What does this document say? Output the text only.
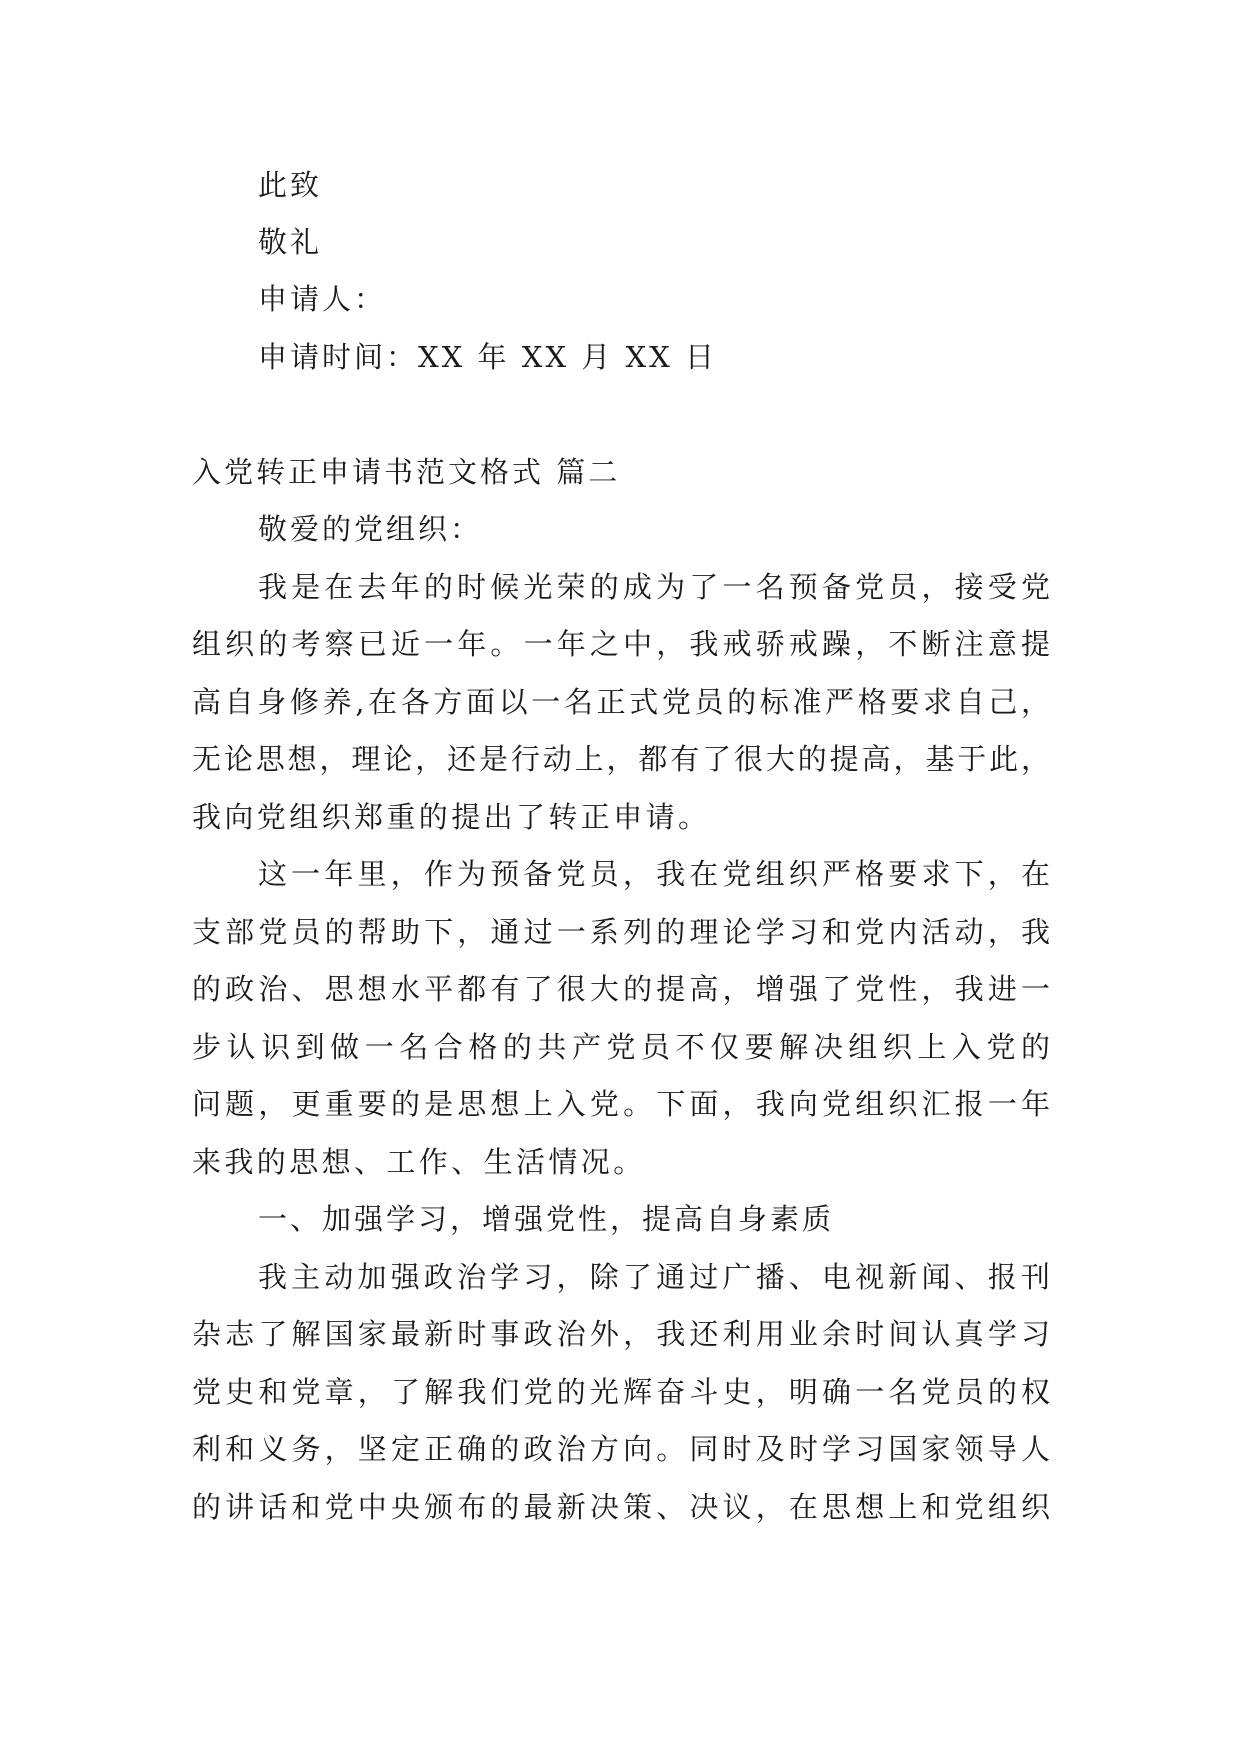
此致
敬礼
申请人：
申请时间：XX 年 XX 月 XX 日
入党转正申请书范文格式 篇二
敬爱的党组织：
我是在去年的时候光荣的成为了一名预备党员，接受党
组织的考察已近一年。一年之中，我戒骄戒躁，不断注意提
高自身修养,在各方面以一名正式党员的标准严格要求自己，
无论思想，理论，还是行动上，都有了很大的提高，基于此，
我向党组织郑重的提出了转正申请。
这一年里，作为预备党员，我在党组织严格要求下，在
支部党员的帮助下，通过一系列的理论学习和党内活动，我
的政治、思想水平都有了很大的提高，增强了党性，我进一
步认识到做一名合格的共产党员不仅要解决组织上入党的
问题，更重要的是思想上入党。下面，我向党组织汇报一年
来我的思想、工作、生活情况。
一、加强学习，增强党性，提高自身素质
我主动加强政治学习，除了通过广播、电视新闻、报刊
杂志了解国家最新时事政治外，我还利用业余时间认真学习
党史和党章，了解我们党的光辉奋斗史，明确一名党员的权
利和义务，坚定正确的政治方向。同时及时学习国家领导人
的讲话和党中央颁布的最新决策、决议，在思想上和党组织
